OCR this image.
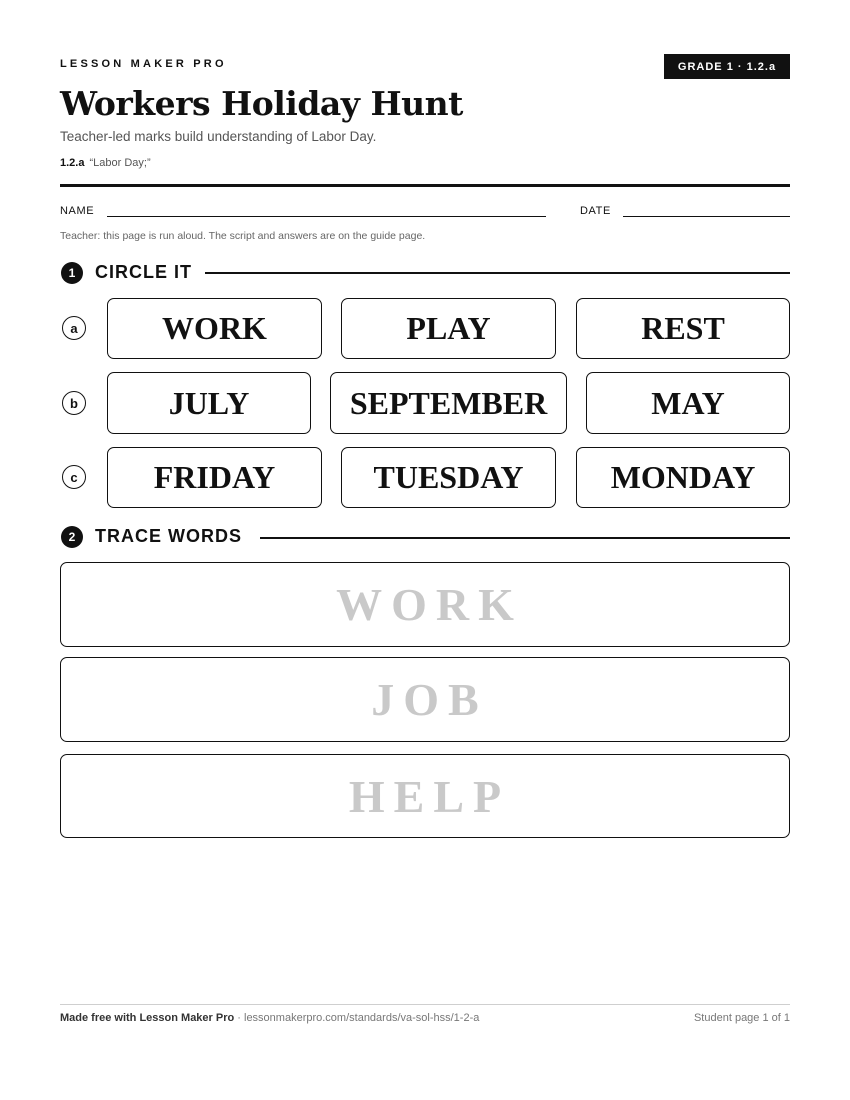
LESSON MAKER PRO	GRADE 1 · 1.2.a
Workers Holiday Hunt
Teacher-led marks build understanding of Labor Day.
1.2.a “Labor Day;”
NAME	DATE
Teacher: this page is run aloud. The script and answers are on the guide page.
1	CIRCLE IT
a	WORK	PLAY	REST
b	JULY	SEPTEMBER	MAY
c	FRIDAY	TUESDAY	MONDAY
2	TRACE WORDS
WORK
JOB
HELP
Made free with Lesson Maker Pro · lessonmakerpro.com/standards/va-sol-hss/1-2-a	Student page 1 of 1
